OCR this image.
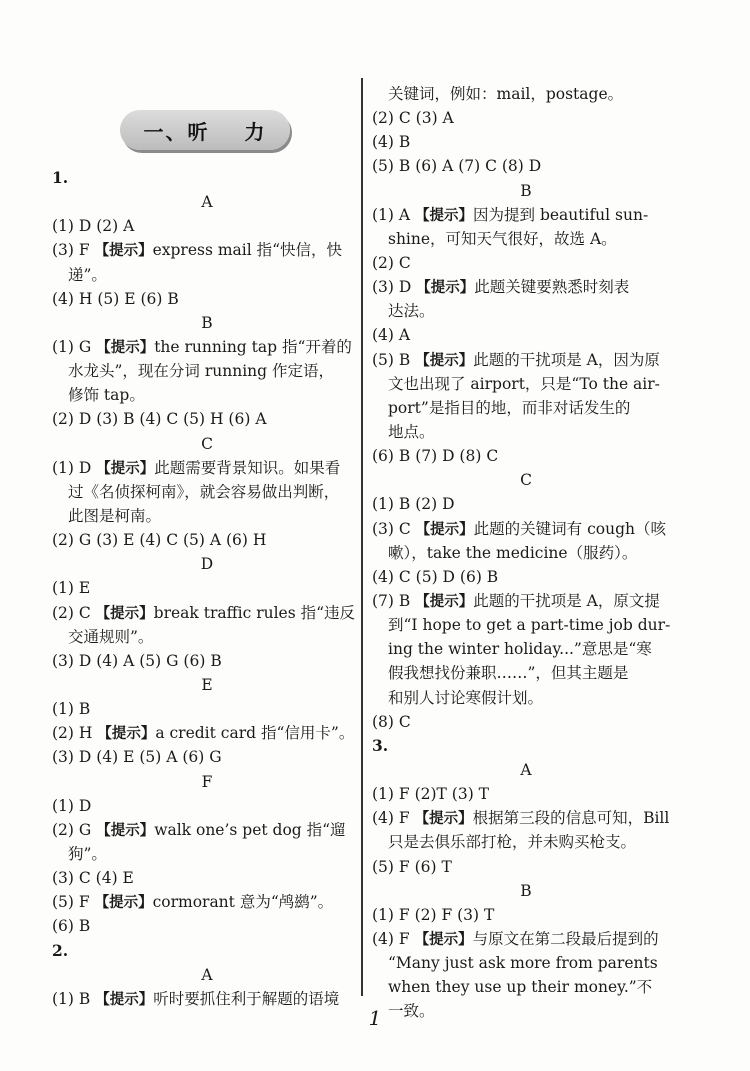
一、听 力
1.
A
(1) D (2) A
(3) F 【提示】express mail 指“快信，快
递”。
(4) H (5) E (6) B
B
(1) G 【提示】the running tap 指“开着的
水龙头”，现在分词 running 作定语，
修饰 tap。
(2) D (3) B (4) C (5) H (6) A
C
(1) D 【提示】此题需要背景知识。如果看
过《名侦探柯南》，就会容易做出判断，
此图是柯南。
(2) G (3) E (4) C (5) A (6) H
D
(1) E
(2) C 【提示】break traffic rules 指“违反
交通规则”。
(3) D (4) A (5) G (6) B
E
(1) B
(2) H 【提示】a credit card 指“信用卡”。
(3) D (4) E (5) A (6) G
F
(1) D
(2) G 【提示】walk one’s pet dog 指“遛
狗”。
(3) C (4) E
(5) F 【提示】cormorant 意为“鸬鹚”。
(6) B
2.
A
(1) B 【提示】听时要抓住利于解题的语境
关键词，例如：mail，postage。
(2) C (3) A
(4) B
(5) B (6) A (7) C (8) D
B
(1) A 【提示】因为提到 beautiful sun-
shine，可知天气很好，故选 A。
(2) C
(3) D 【提示】此题关键要熟悉时刻表
达法。
(4) A
(5) B 【提示】此题的干扰项是 A，因为原
文也出现了 airport，只是“To the air-
port”是指目的地，而非对话发生的
地点。
(6) B (7) D (8) C
C
(1) B (2) D
(3) C 【提示】此题的关键词有 cough（咳
嗽），take the medicine（服药）。
(4) C (5) D (6) B
(7) B 【提示】此题的干扰项是 A，原文提
到“I hope to get a part-time job dur-
ing the winter holiday...”意思是“寒
假我想找份兼职……”，但其主题是
和别人讨论寒假计划。
(8) C
3.
A
(1) F (2)T (3) T
(4) F 【提示】根据第三段的信息可知，Bill
只是去俱乐部打枪，并未购买枪支。
(5) F (6) T
B
(1) F (2) F (3) T
(4) F 【提示】与原文在第二段最后提到的
“Many just ask more from parents
when they use up their money.”不
一致。
1
